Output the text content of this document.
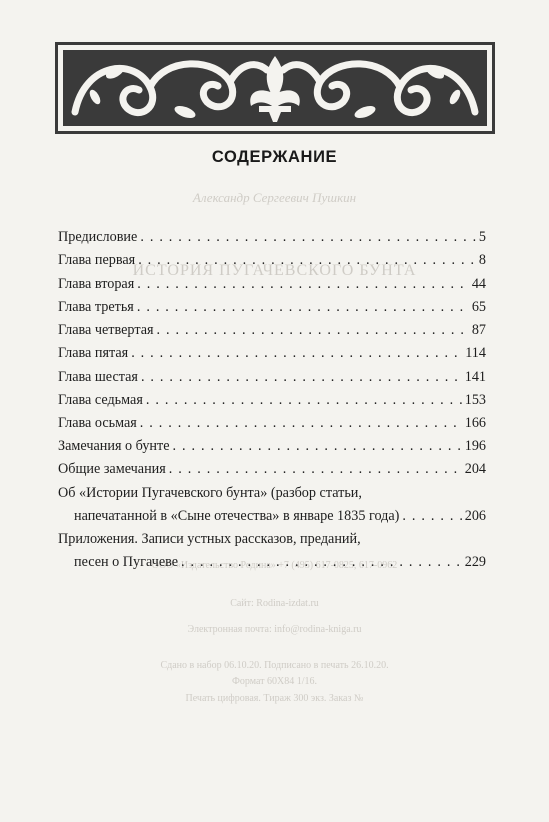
Александр Сергеевич Пушкин
ИСТОРИЯ ПУГАЧЕВСКОГО БУНТА
ООО «Издательство Родина» +7 (495) 617-0825, 617-0962
Сайт: Rodina-izdat.ru
Электронная почта: info@rodina-kniga.ru
Сдано в набор 06.10.20. Подписано в печать 26.10.20.
Формат 60X84 1/16.
Печать цифровая. Тираж 300 экз. Заказ №
СОДЕРЖАНИЕ
Предисловие . . .	5
Глава первая . . .	8
Глава вторая . . .	44
Глава третья . . .	65
Глава четвертая . . .	87
Глава пятая . . .	114
Глава шестая . . .	141
Глава седьмая . . .	153
Глава осьмая . . .	166
Замечания о бунте . . .	196
Общие замечания . . .	204
Об «Истории Пугачевского бунта» (разбор статьи,
напечатанной в «Сыне отечества» в январе 1835 года) . . .	206
Приложения. Записи устных рассказов, преданий,
песен о Пугачеве . . .	229
